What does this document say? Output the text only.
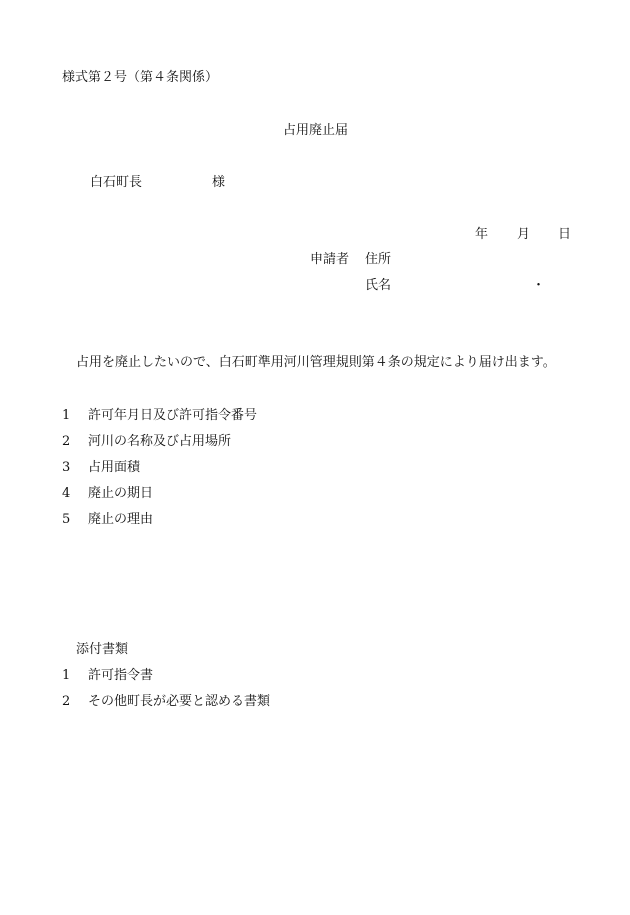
様式第２号（第４条関係）
占用廃止届
白石町長	様
年 月 日
申請者 住所
氏名	・
占用を廃止したいので、白石町準用河川管理規則第４条の規定により届け出ます。
1 許可年月日及び許可指令番号
2 河川の名称及び占用場所
3 占用面積
4 廃止の期日
5 廃止の理由
添付書類
1 許可指令書
2 その他町長が必要と認める書類
